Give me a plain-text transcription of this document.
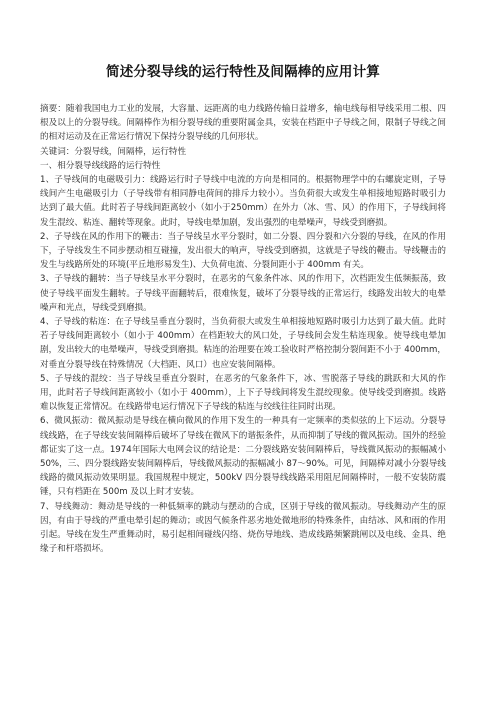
简述分裂导线的运行特性及间隔棒的应用计算

摘要：随着我国电力工业的发展，大容量、远距离的电力线路传输日益增多，输电线每相导线采用二根、四根及以上的分裂导线。间隔棒作为相分裂导线的重要附属金具，安装在档距中子导线之间，限制子导线之间的相对运动及在正常运行情况下保持分裂导线的几何形状。

关键词：分裂导线，间隔棒，运行特性

一、相分裂导线线路的运行特性

1、子导线间的电磁吸引力：线路运行时子导线中电流的方向是相同的。根据物理学中的右螺旋定则，子导线间产生电磁吸引力（子导线带有相同静电荷间的排斥力较小）。当负荷很大或发生单相接地短路时吸引力达到了最大值。此时若子导线间距离较小（如小于250mm）在外力（冰、雪、风）的作用下，子导线间将发生混绞、粘连、翻转等现象。此时，导线电晕加剧，发出强烈的电晕噪声，导线受到磨损。

2、子导线在风的作用下的鞭击：当子导线呈水平分裂时，如二分裂、四分裂和六分裂的导线，在风的作用下，子导线发生不同步摆动相互碰撞，发出很大的响声，导线受到磨损，这就是子导线的鞭击。导线鞭击的发生与线路所处的环境(平丘地形易发生)、大负荷电流、分裂间距小于 400mm 有关。

3、子导线的翻转：当子导线呈水平分裂时，在恶劣的气象条件冰、风的作用下，次档距发生低频振荡，致使子导线平面发生翻转。子导线平面翻转后，很难恢复，破坏了分裂导线的正常运行，线路发出较大的电晕噪声和光点，导线受到磨损。

4、子导线的粘连：在子导线呈垂直分裂时，当负荷很大或发生单相接地短路时吸引力达到了最大值。此时若子导线间距离较小（如小于 400mm）在档距较大的风口处，子导线间会发生粘连现象。使导线电晕加剧，发出较大的电晕噪声，导线受到磨损。粘连的治理要在竣工验收时严格控制分裂间距不小于 400mm，对垂直分裂导线在特殊情况（大档距、风口）也应安装间隔棒。

5、子导线的混绞：当子导线呈垂直分裂时，在恶劣的气象条件下，冰、雪脱落子导线的跳跃和大风的作用，此时若子导线间距离较小（如小于 400mm），上下子导线间将发生混绞现象。使导线受到磨损。线路难以恢复正常情况。在线路带电运行情况下子导线的粘连与绞线往往同时出现。

6、微风振动：微风振动是导线在横向微风的作用下发生的一种具有一定频率的类似弦的上下运动。分裂导线线路，在子导线安装间隔棒后破坏了导线在微风下的谐振条件，从而抑制了导线的微风振动。国外的经验都证实了这一点。1974年国际大电网会议的结论是：二分裂线路安装间隔棒后，导线微风振动的振幅减小 50%，三、四分裂线路安装间隔棒后，导线微风振动的振幅减小 87～90%。可见，间隔棒对减小分裂导线线路的微风振动效果明显。我国规程中规定，500kV 四分裂导线线路采用阻尼间隔棒时，一般不安装防震锤，只有档距在 500m 及以上时才安装。

7、导线舞动：舞动是导线的一种低频率的跳动与摆动的合成，区别于导线的微风振动。导线舞动产生的原因，有由于导线的严重电晕引起的舞动；或因气候条件恶劣地处微地形的特殊条件，由结冰、风和雨的作用引起。导线在发生严重舞动时，易引起相间碰线闪络、烧伤导地线、造成线路频繁跳闸以及电线、金具、绝缘子和杆塔损坏。
